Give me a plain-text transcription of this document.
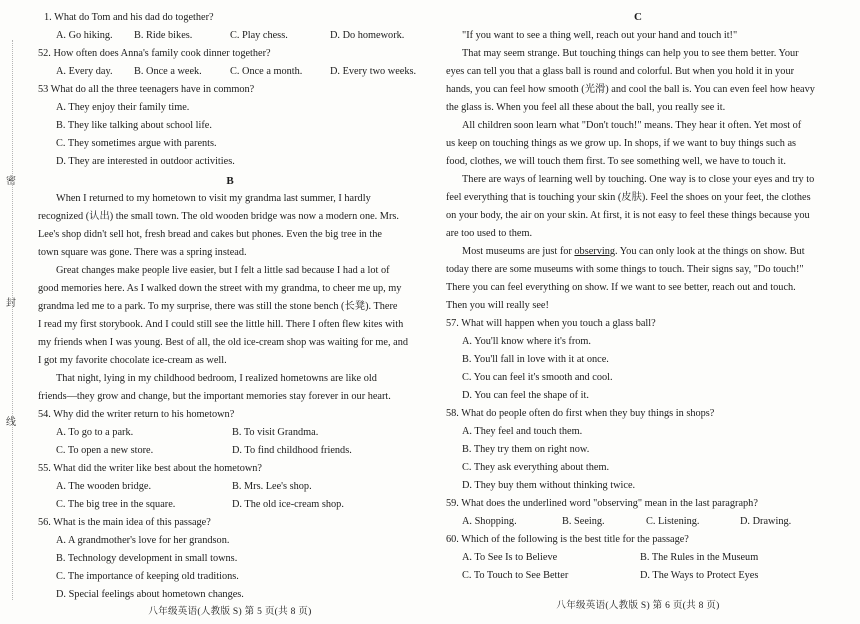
密
封
线
1. What do Tom and his dad do together?
A. Go hiking. B. Ride bikes.	C. Play chess.	D. Do homework.
52. How often does Anna's family cook dinner together?
A. Every day. B. Once a week.	C. Once a month.	D. Every two weeks.
53 What do all the three teenagers have in common?
A. They enjoy their family time.
B. They like talking about school life.
C. They sometimes argue with parents.
D. They are interested in outdoor activities.
B
When I returned to my hometown to visit my grandma last summer, I hardly
recognized (认出) the small town. The old wooden bridge was now a modern one. Mrs.
Lee's shop didn't sell hot, fresh bread and cakes but phones. Even the big tree in the
town square was gone. There was a spring instead.
Great changes make people live easier, but I felt a little sad because I had a lot of
good memories here. As I walked down the street with my grandma, to cheer me up, my
grandma led me to a park. To my surprise, there was still the stone bench (长凳). There
I read my first storybook. And I could still see the little hill. There I often flew kites with
my friends when I was young. Best of all, the old ice-cream shop was waiting for me, and
I got my favorite chocolate ice-cream as well.
That night, lying in my childhood bedroom, I realized hometowns are like old
friends—they grow and change, but the important memories stay forever in our heart.
54. Why did the writer return to his hometown?
A. To go to a park.	B. To visit Grandma.
C. To open a new store.	D. To find childhood friends.
55. What did the writer like best about the hometown?
A. The wooden bridge.	B. Mrs. Lee's shop.
C. The big tree in the square.	D. The old ice-cream shop.
56. What is the main idea of this passage?
A. A grandmother's love for her grandson.
B. Technology development in small towns.
C. The importance of keeping old traditions.
D. Special feelings about hometown changes.
八年级英语(人教版 S) 第 5 页(共 8 页)
C
"If you want to see a thing well, reach out your hand and touch it!"
That may seem strange. But touching things can help you to see them better. Your
eyes can tell you that a glass ball is round and colorful. But when you hold it in your
hands, you can feel how smooth (光滑) and cool the ball is. You can even feel how heavy
the glass is. When you feel all these about the ball, you really see it.
All children soon learn what "Don't touch!" means. They hear it often. Yet most of
us keep on touching things as we grow up. In shops, if we want to buy things such as
food, clothes, we will touch them first. To see something well, we have to touch it.
There are ways of learning well by touching. One way is to close your eyes and try to
feel everything that is touching your skin (皮肤). Feel the shoes on your feet, the clothes
on your body, the air on your skin. At first, it is not easy to feel these things because you
are too used to them.
Most museums are just for observing. You can only look at the things on show. But
today there are some museums with some things to touch. Their signs say, "Do touch!"
There you can feel everything on show. If we want to see better, reach out and touch.
Then you will really see!
57. What will happen when you touch a glass ball?
A. You'll know where it's from.
B. You'll fall in love with it at once.
C. You can feel it's smooth and cool.
D. You can feel the shape of it.
58. What do people often do first when they buy things in shops?
A. They feel and touch them.
B. They try them on right now.
C. They ask everything about them.
D. They buy them without thinking twice.
59. What does the underlined word "observing" mean in the last paragraph?
A. Shopping.	B. Seeing.	C. Listening.	D. Drawing.
60. Which of the following is the best title for the passage?
A. To See Is to Believe	B. The Rules in the Museum
C. To Touch to See Better	D. The Ways to Protect Eyes
八年级英语(人教版 S) 第 6 页(共 8 页)
